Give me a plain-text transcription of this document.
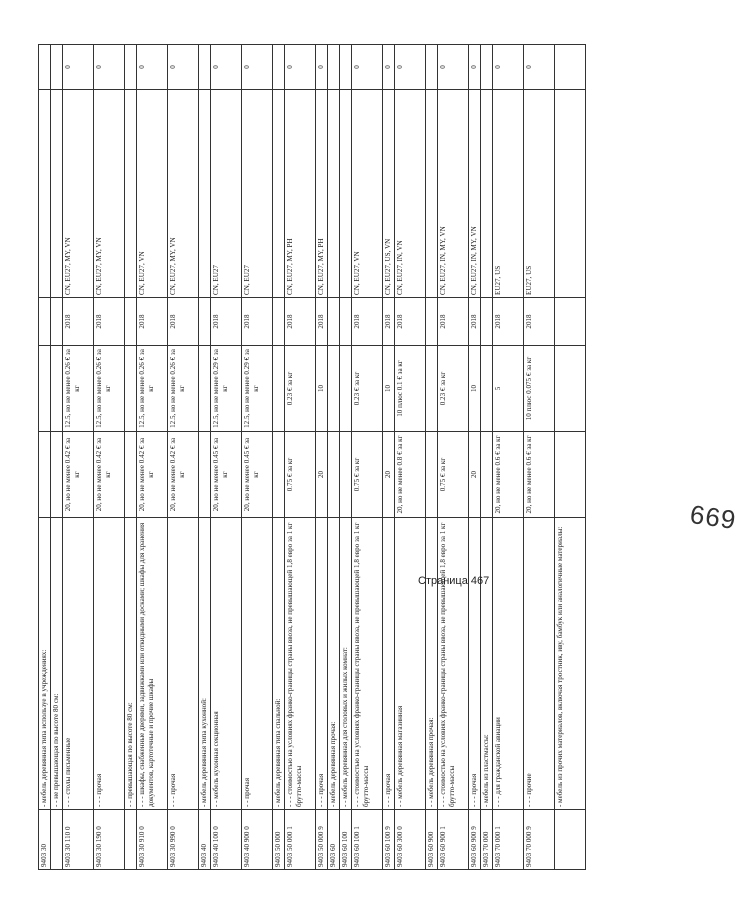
9403 30	- мебель деревянная типа используе в учреждениях:					
	- - не превышающая по высоте 80 см:					
9403 30 110 0	- - - столы письменные	20, но не менее 0.42 € за кг	12.5, но не менее 0.26 € за кг	2018	CN, EU27, MY, VN	0
9403 30 190 0	- - - прочая	20, но не менее 0.42 € за кг	12.5, но не менее 0.26 € за кг	2018	CN, EU27, MY, VN	0
	- - превышающая по высоте 80 см:					
9403 30 910 0	- - - шкафы, снабженные дверями, задвижками или откидными досками; шкафы для хранения документов, картотечные и прочие шкафы	20, но не менее 0.42 € за кг	12.5, но не менее 0.26 € за кг	2018	CN, EU27, VN	0
9403 30 990 0	- - - прочая	20, но не менее 0.42 € за кг	12.5, но не менее 0.26 € за кг	2018	CN, EU27, MY, VN	0
9403 40	- мебель деревянная типа кухонной:					
9403 40 100 0	- - мебель кухонная секционная	20, но не менее 0.45 € за кг	12.5, но не менее 0.29 € за кг	2018	CN, EU27	0
9403 40 900 0	- - прочая	20, но не менее 0.45 € за кг	12.5, но не менее 0.29 € за кг	2018	CN, EU27	0
9403 50 000	- мебель деревянная типа спальной:					
9403 50 000 1	- - - стоимостью на условиях франко-границы страны ввоза, не превышающей 1,8 евро за 1 кг брутто-массы	0.75 € за кг	0.23 € за кг	2018	CN, EU27, MY, PH	0
9403 50 000 9	- - - прочая	20	10	2018	CN, EU27, MY, PH	0
9403 60	- мебель деревянная прочая:					
9403 60 100	- - мебель деревянная для столовых и жилых комнат:					
9403 60 100 1	- - - стоимостью на условиях франко-границы страны ввоза, не превышающей 1,8 евро за 1 кг брутто-массы	0.75 € за кг	0.23 € за кг	2018	CN, EU27, VN	0
9403 60 100 9	- - - прочая	20	10	2018	CN, EU27, US, VN	0
9403 60 300 0	- - мебель деревянная магазинная	20, но не менее 0.8 € за кг	10 плюс 0.1 € за кг	2018	CN, EU27, IN, VN	0
9403 60 900	- - мебель деревянная прочая:					
9403 60 900 1	- - - стоимостью на условиях франко-границы страны ввоза, не превышающей 1,8 евро за 1 кг брутто-массы	0.75 € за кг	0.23 € за кг	2018	CN, EU27, IN, MY, VN	0
9403 60 900 9	- - - прочая	20	10	2018	CN, EU27, IN, MY, VN	0
9403 70 000	- мебель из пластмассы:					
9403 70 000 1	- - - для гражданской авиации	20, но не менее 0.6 € за кг	5	2018	EU27, US	0
9403 70 000 9	- - - прочие	20, но не менее 0.6 € за кг	10 плюс 0.075 € за кг	2018	EU27, US	0
	- мебель из прочих материалов, включая тростник, иву, бамбук или аналогичные материалы:					
Страница 467
669
